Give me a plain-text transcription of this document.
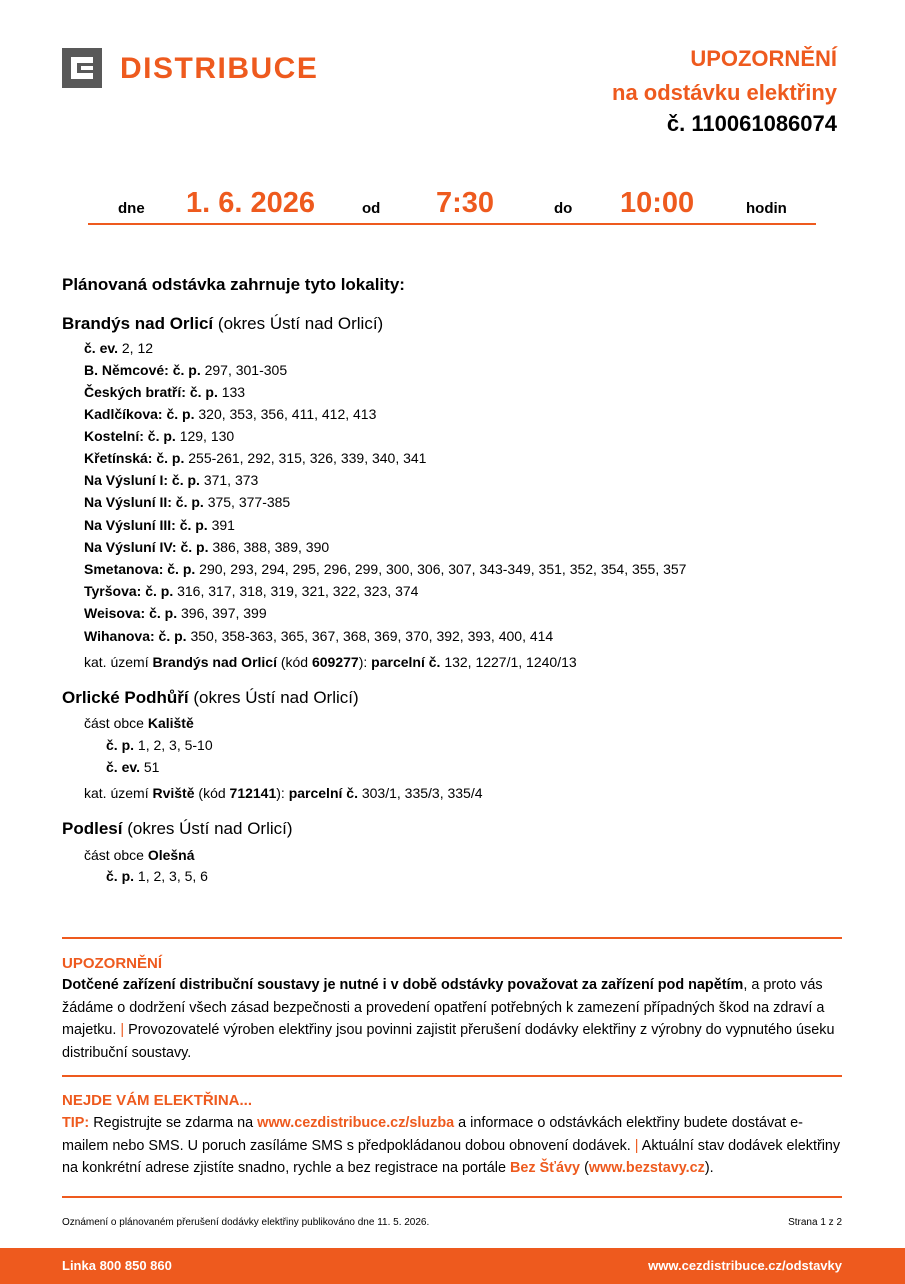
DISTRIBUCE	UPOZORNĚNÍ
na odstávku elektřiny
č. 110061086074
dne 1. 6. 2026	od 7:30	do 10:00	hodin
Plánovaná odstávka zahrnuje tyto lokality:
Brandýs nad Orlicí (okres Ústí nad Orlicí)
č. ev. 2, 12
B. Němcové: č. p. 297, 301-305
Českých bratří: č. p. 133
Kadlčíkova: č. p. 320, 353, 356, 411, 412, 413
Kostelní: č. p. 129, 130
Křetínská: č. p. 255-261, 292, 315, 326, 339, 340, 341
Na Výsluní I: č. p. 371, 373
Na Výsluní II: č. p. 375, 377-385
Na Výsluní III: č. p. 391
Na Výsluní IV: č. p. 386, 388, 389, 390
Smetanova: č. p. 290, 293, 294, 295, 296, 299, 300, 306, 307, 343-349, 351, 352, 354, 355, 357
Tyršova: č. p. 316, 317, 318, 319, 321, 322, 323, 374
Weisova: č. p. 396, 397, 399
Wihanova: č. p. 350, 358-363, 365, 367, 368, 369, 370, 392, 393, 400, 414
kat. území Brandýs nad Orlicí (kód 609277): parcelní č. 132, 1227/1, 1240/13
Orlické Podhůří (okres Ústí nad Orlicí)
část obce Kaliště
č. p. 1, 2, 3, 5-10
č. ev. 51
kat. území Rviště (kód 712141): parcelní č. 303/1, 335/3, 335/4
Podlesí (okres Ústí nad Orlicí)
část obce Olešná
č. p. 1, 2, 3, 5, 6
UPOZORNĚNÍ
Dotčené zařízení distribuční soustavy je nutné i v době odstávky považovat za zařízení pod napětím, a proto vás žádáme o dodržení všech zásad bezpečnosti a provedení opatření potřebných k zamezení případných škod na zdraví a majetku. | Provozovatelé výroben elektřiny jsou povinni zajistit přerušení dodávky elektřiny z výrobny do vypnutého úseku distribuční soustavy.
NEJDE VÁM ELEKTŘINA...
TIP: Registrujte se zdarma na www.cezdistribuce.cz/sluzba a informace o odstávkách elektřiny budete dostávat e-mailem nebo SMS. U poruch zasíláme SMS s předpokládanou dobou obnovení dodávek. | Aktuální stav dodávek elektřiny na konkrétní adrese zjistíte snadno, rychle a bez registrace na portále Bez Šťávy (www.bezstavy.cz).
Oznámení o plánovaném přerušení dodávky elektřiny publikováno dne 11. 5. 2026.	Strana 1 z 2
Linka 800 850 860	www.cezdistribuce.cz/odstavky
